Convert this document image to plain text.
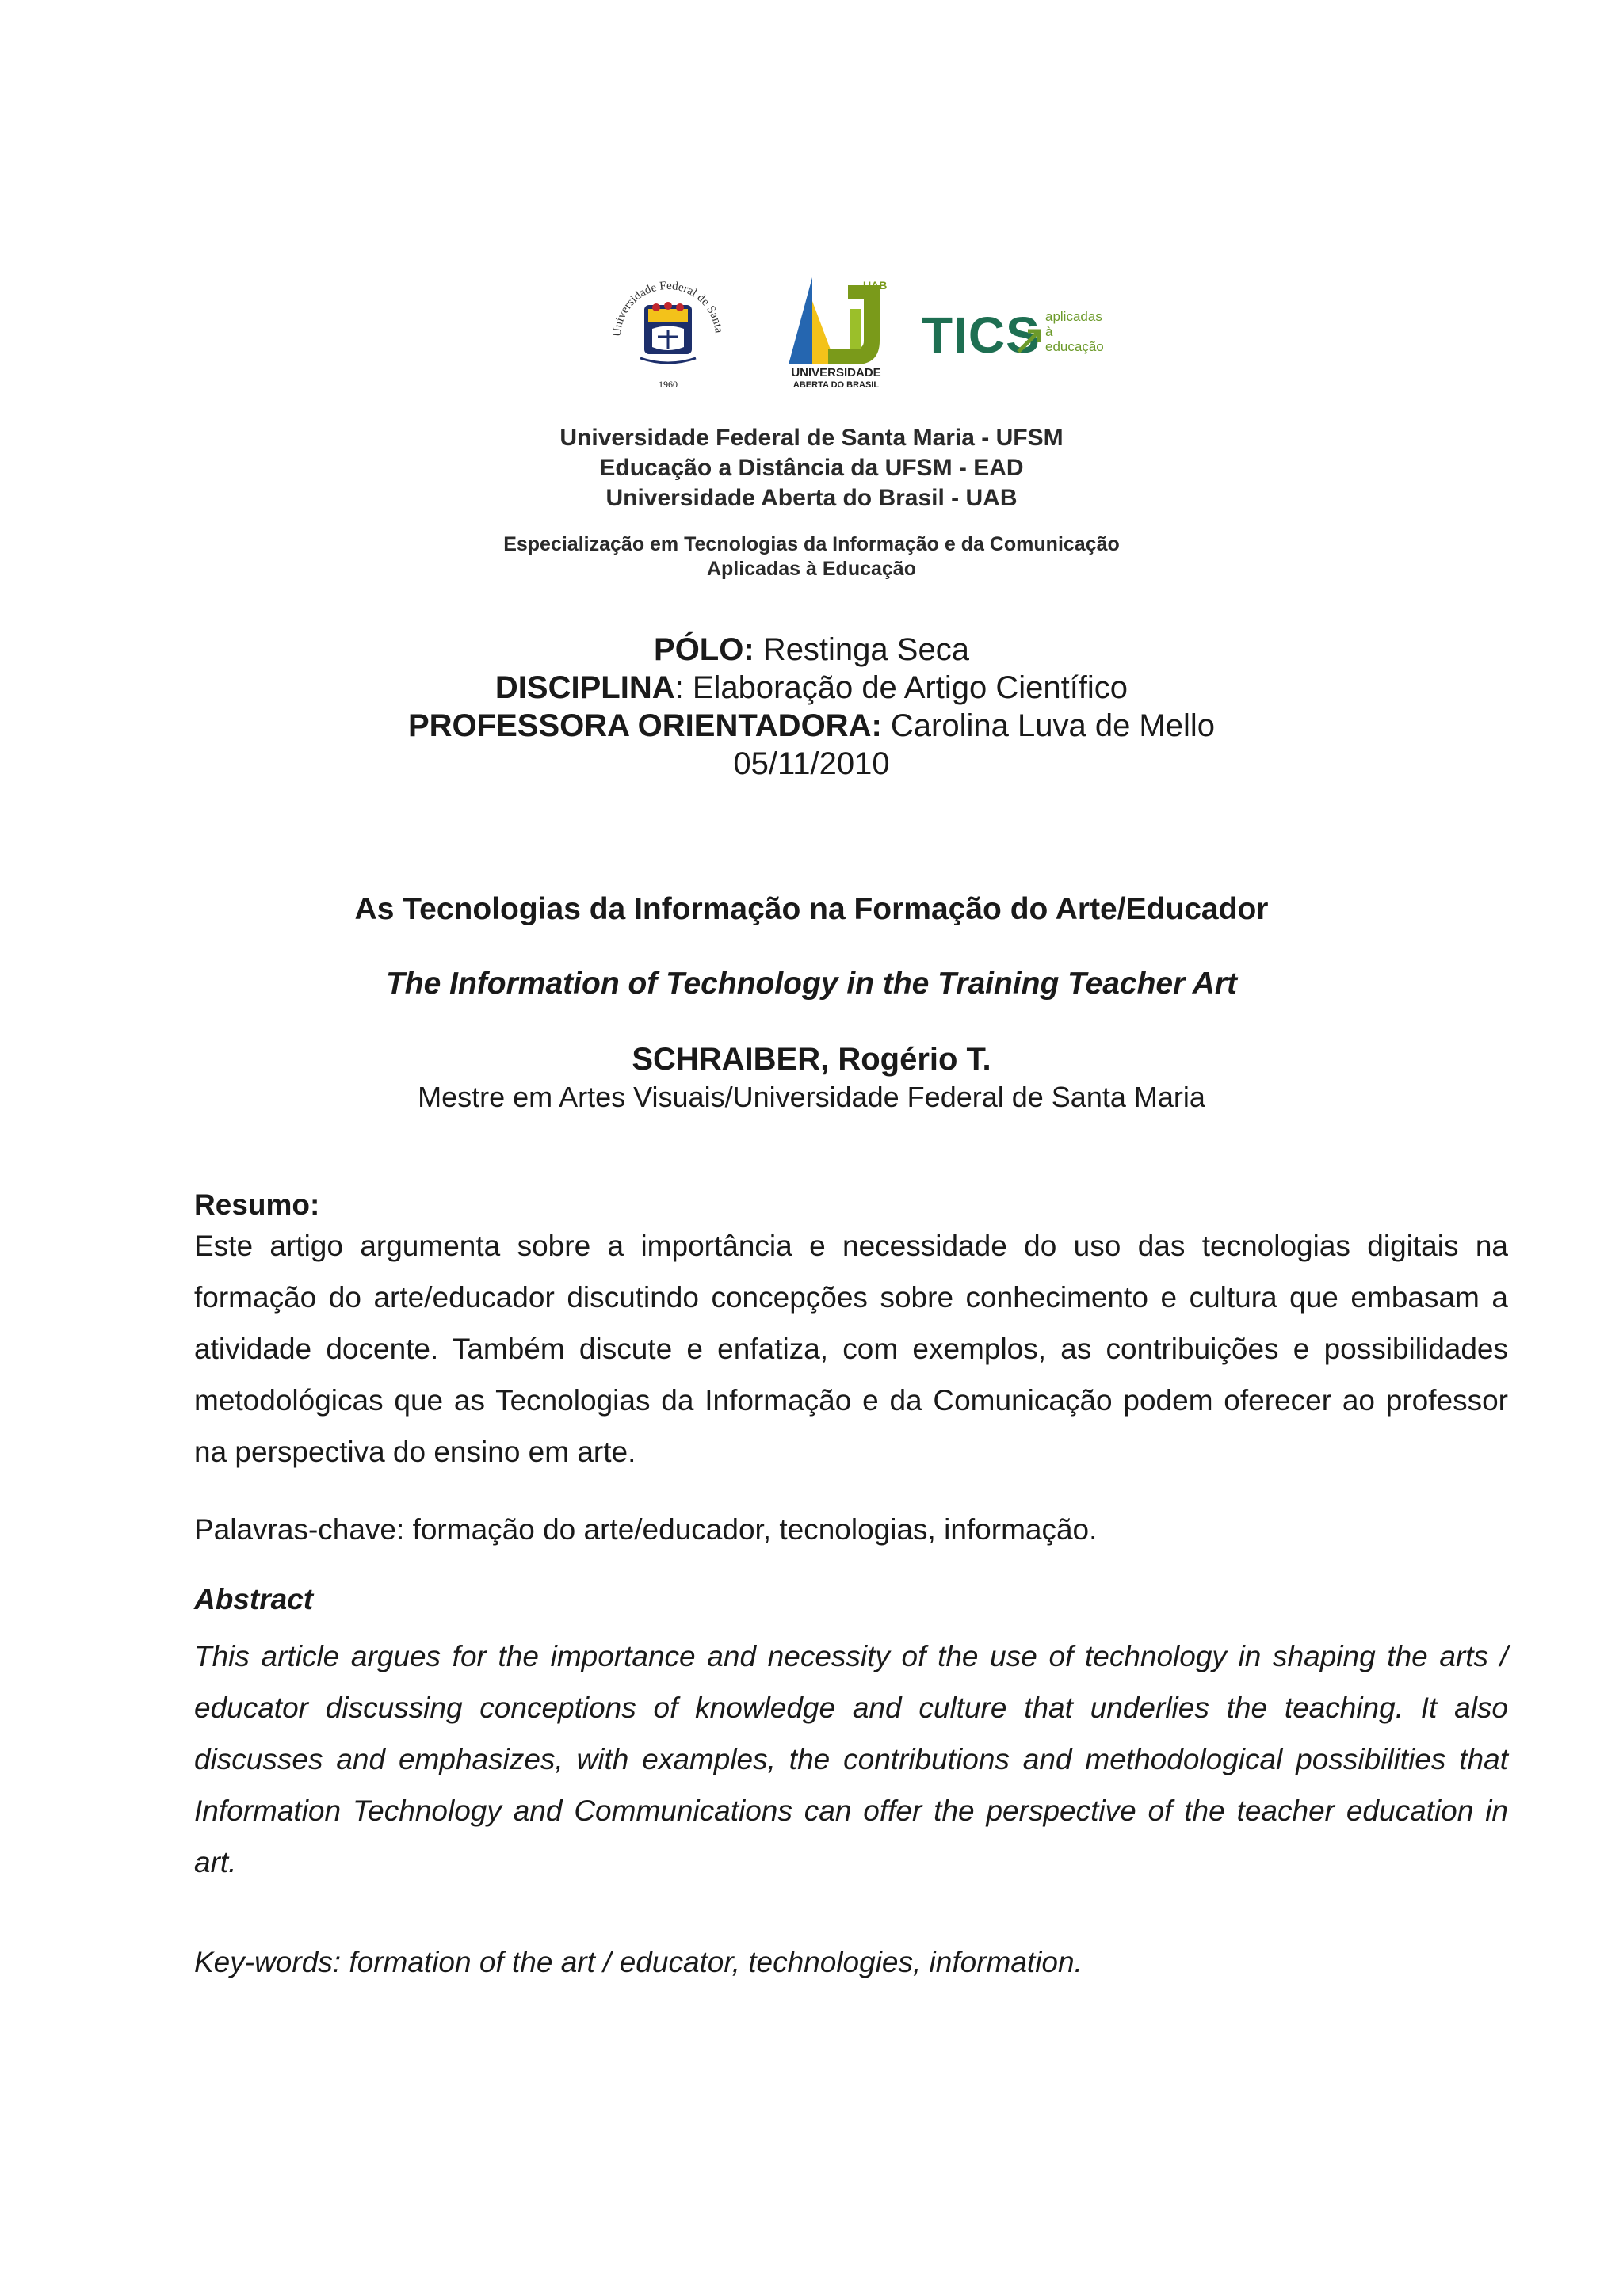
Universidade Federal de Santa
1960
UAB
UNIVERSIDADE
ABERTA DO BRASIL
TICS aplicadas
à
educação
Universidade Federal de Santa Maria - UFSM
Educação a Distância da UFSM - EAD
Universidade Aberta do Brasil - UAB
Especialização em Tecnologias da Informação e da Comunicação
Aplicadas à Educação
PÓLO: Restinga Seca
DISCIPLINA: Elaboração de Artigo Científico
PROFESSORA ORIENTADORA: Carolina Luva de Mello
05/11/2010
As Tecnologias da Informação na Formação do Arte/Educador
The Information of Technology in the Training Teacher Art
SCHRAIBER, Rogério T.
Mestre em Artes Visuais/Universidade Federal de Santa Maria
Resumo:
Este artigo argumenta sobre a importância e necessidade do uso das tecnologias digitais na formação do arte/educador discutindo concepções sobre conhecimento e cultura que embasam a atividade docente. Também discute e enfatiza, com exemplos, as contribuições e possibilidades metodológicas que as Tecnologias da Informação e da Comunicação podem oferecer ao professor na perspectiva do ensino em arte.
Palavras-chave: formação do arte/educador, tecnologias, informação.
Abstract
This article argues for the importance and necessity of the use of technology in shaping the arts / educator discussing conceptions of knowledge and culture that underlies the teaching. It also discusses and emphasizes, with examples, the contributions and methodological possibilities that Information Technology and Communications can offer the perspective of the teacher education in art.
Key-words: formation of the art / educator, technologies, information.
